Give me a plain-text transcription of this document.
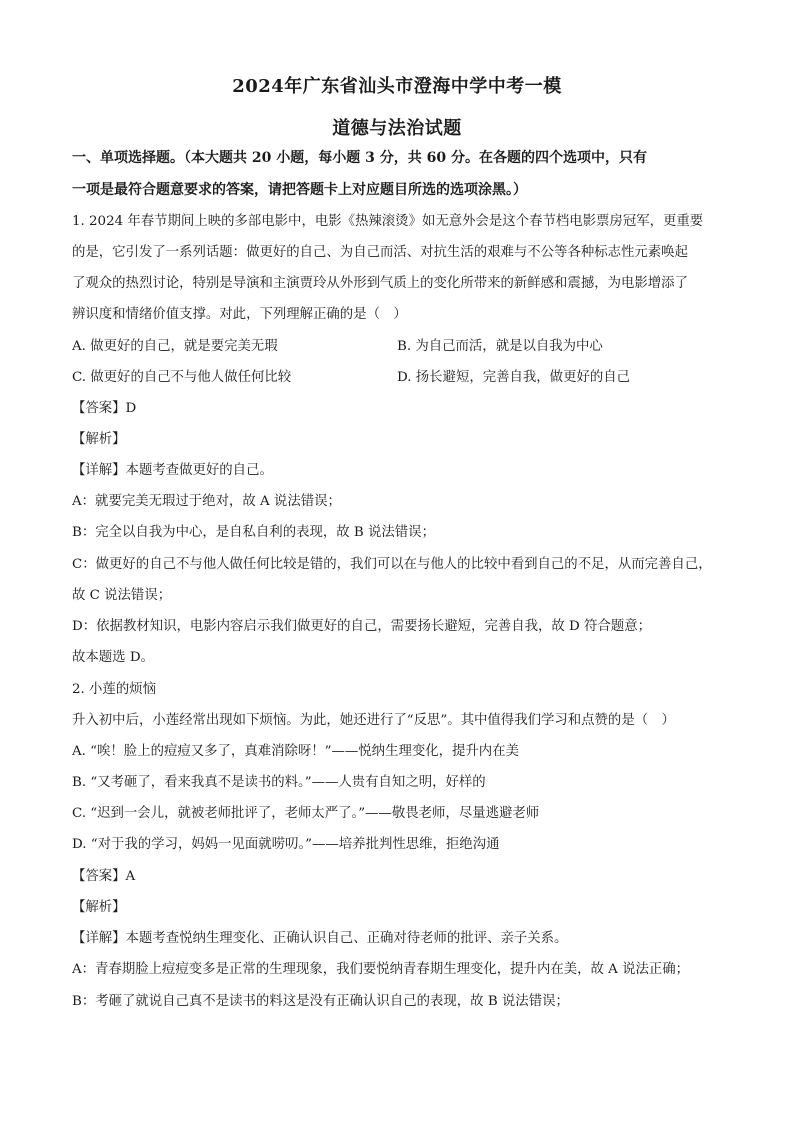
2024年广东省汕头市澄海中学中考一模
道德与法治试题
一、单项选择题。（本大题共 20 小题，每小题 3 分，共 60 分。在各题的四个选项中，只有
一项是最符合题意要求的答案，请把答题卡上对应题目所选的选项涂黑。）
1. 2024 年春节期间上映的多部电影中，电影《热辣滚烫》如无意外会是这个春节档电影票房冠军，更重要
的是，它引发了一系列话题：做更好的自己、为自己而活、对抗生活的艰难与不公等各种标志性元素唤起
了观众的热烈讨论，特别是导演和主演贾玲从外形到气质上的变化所带来的新鲜感和震撼，为电影增添了
辨识度和情绪价值支撑。对此，下列理解正确的是（　）
A. 做更好的自己，就是要完美无瑕	B. 为自己而活，就是以自我为中心
C. 做更好的自己不与他人做任何比较	D. 扬长避短，完善自我，做更好的自己
【答案】D
【解析】
【详解】本题考查做更好的自己。
A：就要完美无瑕过于绝对，故 A 说法错误；
B：完全以自我为中心，是自私自利的表现，故 B 说法错误；
C：做更好的自己不与他人做任何比较是错的，我们可以在与他人的比较中看到自己的不足，从而完善自己，
故 C 说法错误；
D：依据教材知识，电影内容启示我们做更好的自己，需要扬长避短，完善自我，故 D 符合题意；
故本题选 D。
2. 小莲的烦恼
升入初中后，小莲经常出现如下烦恼。为此，她还进行了“反思”。其中值得我们学习和点赞的是（　）
A. “唉！脸上的痘痘又多了，真难消除呀！”——悦纳生理变化，提升内在美
B. “又考砸了，看来我真不是读书的料。”——人贵有自知之明，好样的
C. “迟到一会儿，就被老师批评了，老师太严了。”——敬畏老师，尽量逃避老师
D. “对于我的学习，妈妈一见面就唠叨。”——培养批判性思维，拒绝沟通
【答案】A
【解析】
【详解】本题考查悦纳生理变化、正确认识自己、正确对待老师的批评、亲子关系。
A：青春期脸上痘痘变多是正常的生理现象，我们要悦纳青春期生理变化，提升内在美，故 A 说法正确；
B：考砸了就说自己真不是读书的料这是没有正确认识自己的表现，故 B 说法错误；
